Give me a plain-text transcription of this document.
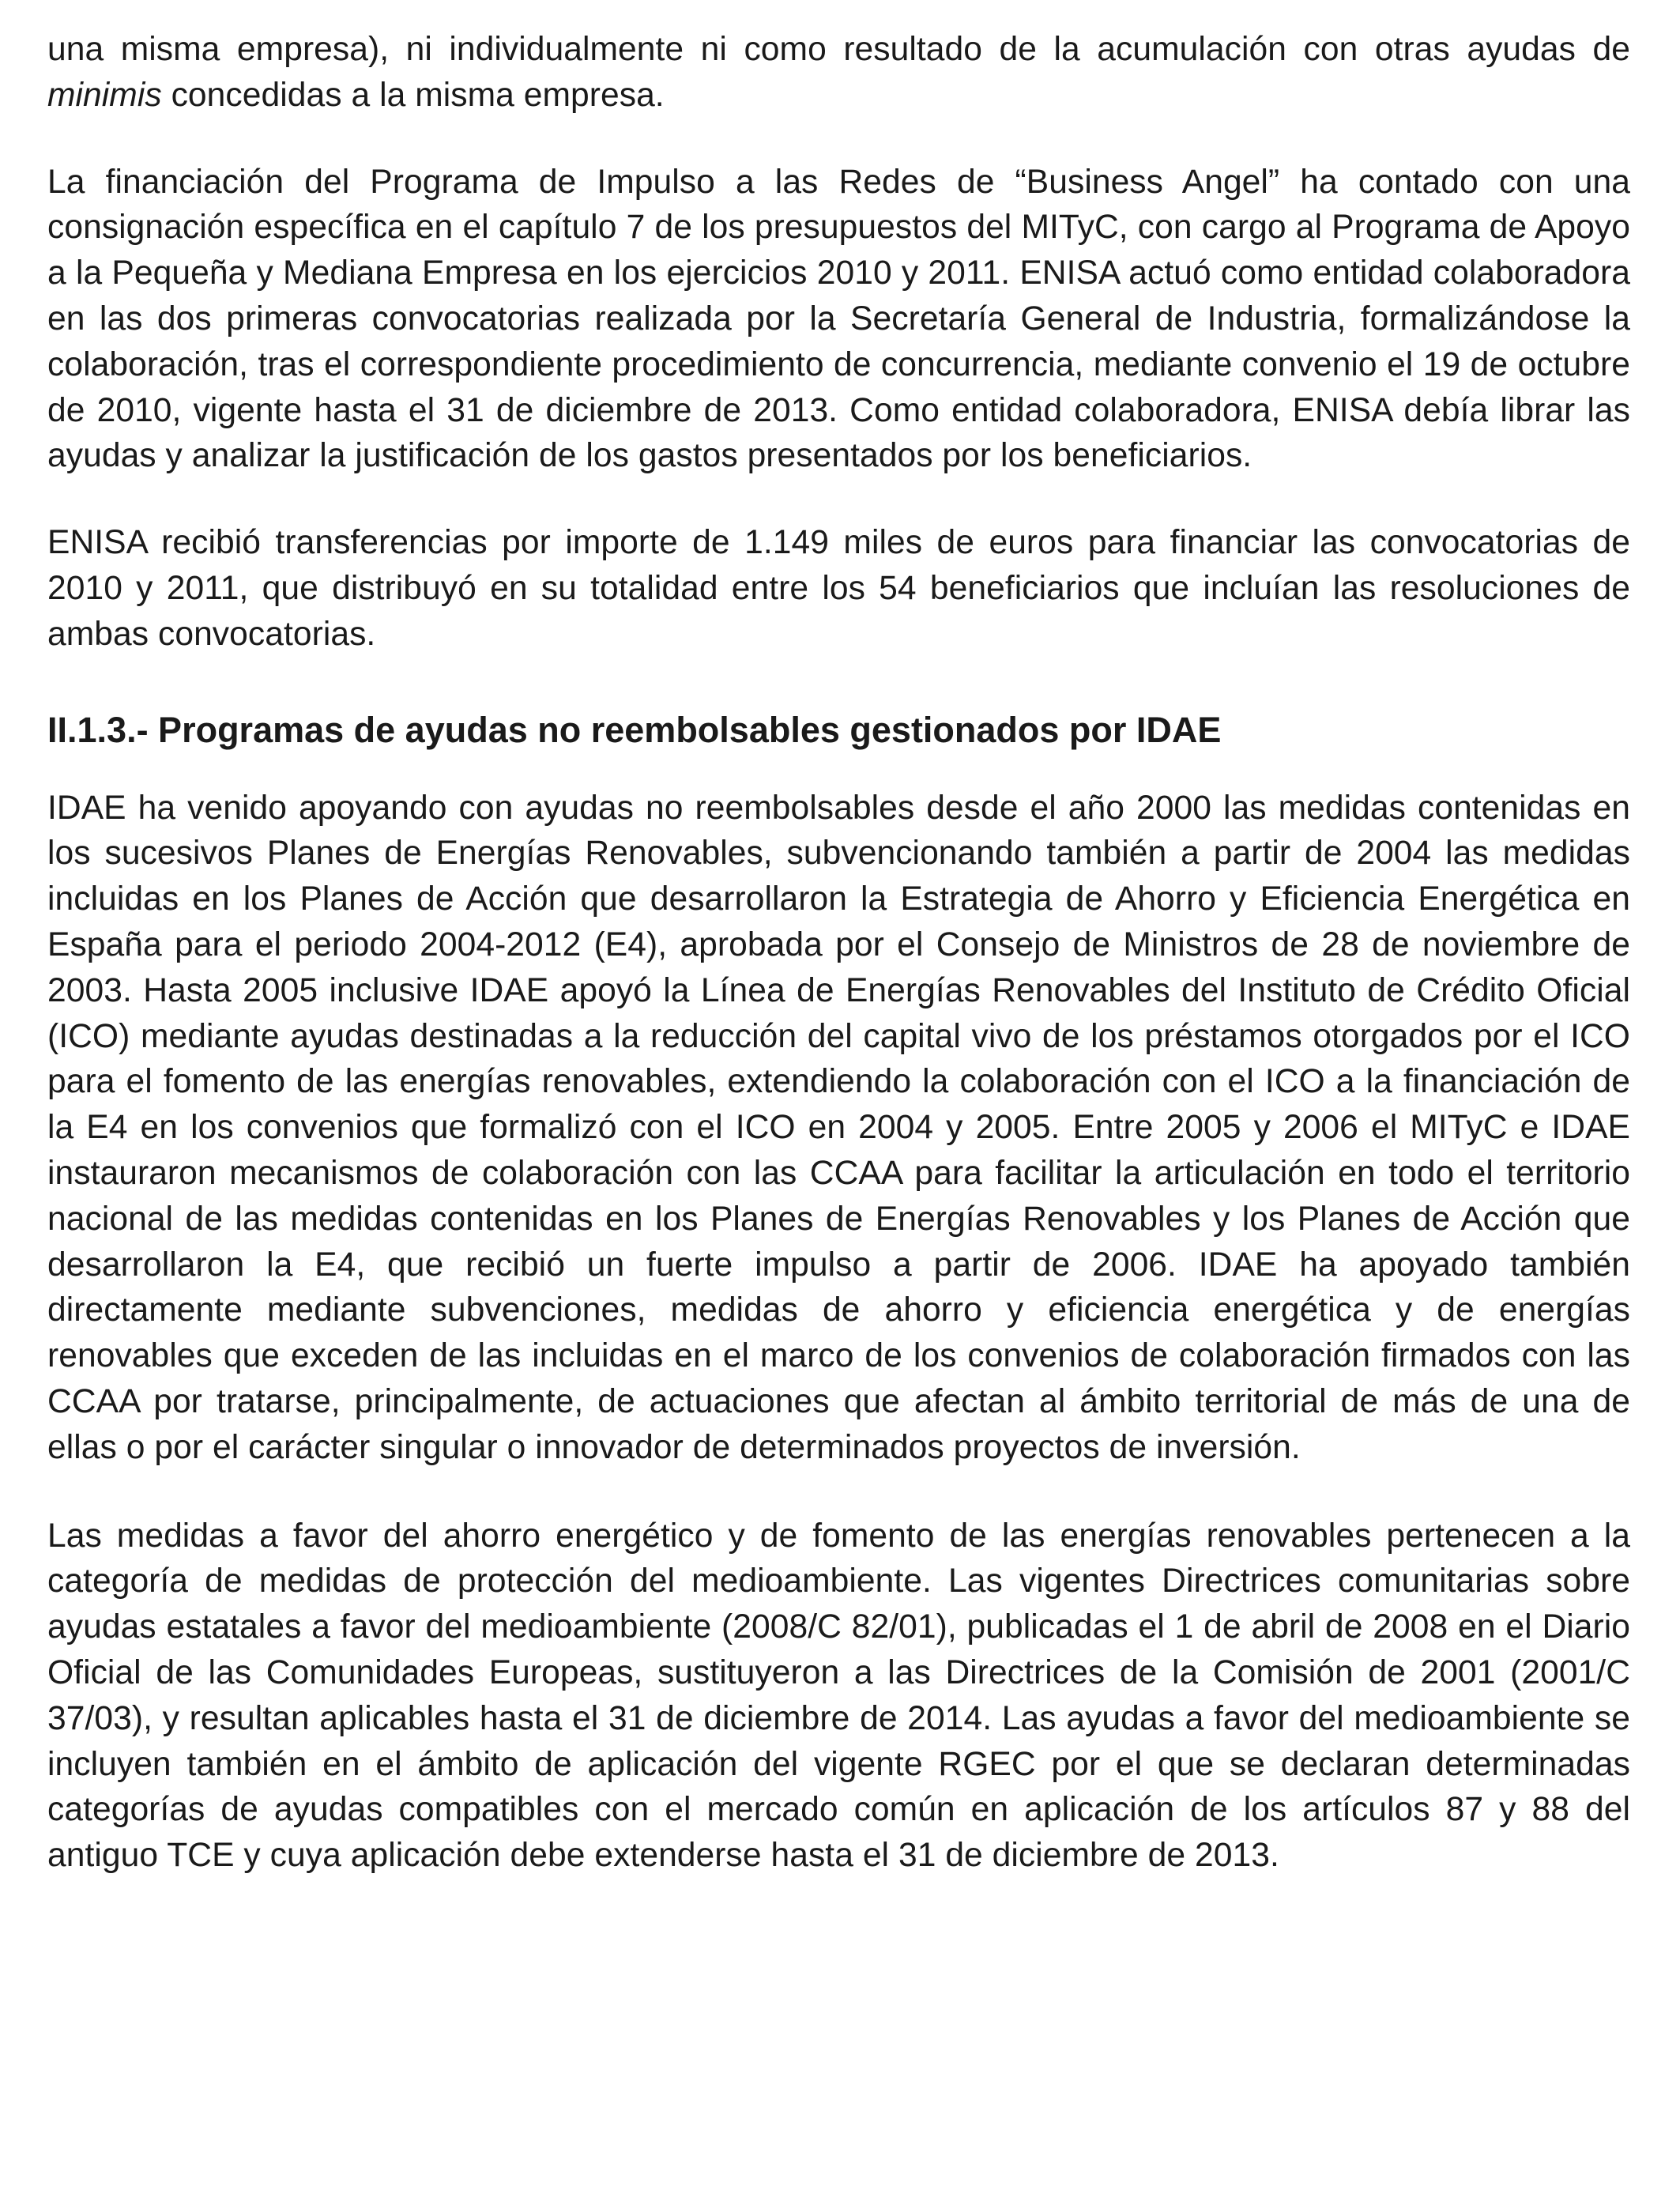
una misma empresa), ni individualmente ni como resultado de la acumulación con otras ayudas de minimis concedidas a la misma empresa.

La financiación del Programa de Impulso a las Redes de “Business Angel” ha contado con una consignación específica en el capítulo 7 de los presupuestos del MITyC, con cargo al Programa de Apoyo a la Pequeña y Mediana Empresa en los ejercicios 2010 y 2011. ENISA actuó como entidad colaboradora en las dos primeras convocatorias realizada por la Secretaría General de Industria, formalizándose la colaboración, tras el correspondiente procedimiento de concurrencia, mediante convenio el 19 de octubre de 2010, vigente hasta el 31 de diciembre de 2013. Como entidad colaboradora, ENISA debía librar las ayudas y analizar la justificación de los gastos presentados por los beneficiarios.

ENISA recibió transferencias por importe de 1.149 miles de euros para financiar las convocatorias de 2010 y 2011, que distribuyó en su totalidad entre los 54 beneficiarios que incluían las resoluciones de ambas convocatorias.

II.1.3.- Programas de ayudas no reembolsables gestionados por IDAE

IDAE ha venido apoyando con ayudas no reembolsables desde el año 2000 las medidas contenidas en los sucesivos Planes de Energías Renovables, subvencionando también a partir de 2004 las medidas incluidas en los Planes de Acción que desarrollaron la Estrategia de Ahorro y Eficiencia Energética en España para el periodo 2004-2012 (E4), aprobada por el Consejo de Ministros de 28 de noviembre de 2003. Hasta 2005 inclusive IDAE apoyó la Línea de Energías Renovables del Instituto de Crédito Oficial (ICO) mediante ayudas destinadas a la reducción del capital vivo de los préstamos otorgados por el ICO para el fomento de las energías renovables, extendiendo la colaboración con el ICO a la financiación de la E4 en los convenios que formalizó con el ICO en 2004 y 2005. Entre 2005 y 2006 el MITyC e IDAE instauraron mecanismos de colaboración con las CCAA para facilitar la articulación en todo el territorio nacional de las medidas contenidas en los Planes de Energías Renovables y los Planes de Acción que desarrollaron la E4, que recibió un fuerte impulso a partir de 2006. IDAE ha apoyado también directamente mediante subvenciones, medidas de ahorro y eficiencia energética y de energías renovables que exceden de las incluidas en el marco de los convenios de colaboración firmados con las CCAA por tratarse, principalmente, de actuaciones que afectan al ámbito territorial de más de una de ellas o por el carácter singular o innovador de determinados proyectos de inversión.

Las medidas a favor del ahorro energético y de fomento de las energías renovables pertenecen a la categoría de medidas de protección del medioambiente. Las vigentes Directrices comunitarias sobre ayudas estatales a favor del medioambiente (2008/C 82/01), publicadas el 1 de abril de 2008 en el Diario Oficial de las Comunidades Europeas, sustituyeron a las Directrices de la Comisión de 2001 (2001/C 37/03), y resultan aplicables hasta el 31 de diciembre de 2014. Las ayudas a favor del medioambiente se incluyen también en el ámbito de aplicación del vigente RGEC por el que se declaran determinadas categorías de ayudas compatibles con el mercado común en aplicación de los artículos 87 y 88 del antiguo TCE y cuya aplicación debe extenderse hasta el 31 de diciembre de 2013.
